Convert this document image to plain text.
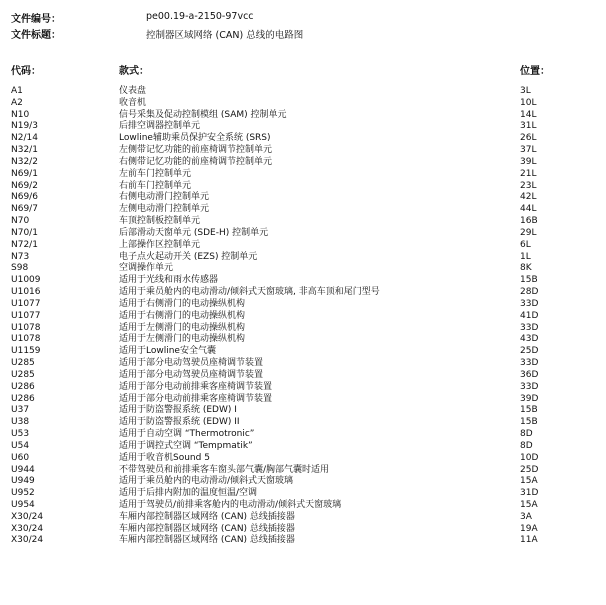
文件编号：	pe00.19-a-2150-97vcc
文件标题：	控制器区域网络 (CAN) 总线的电路图
代码：	款式：	位置：
A1	仪表盘	3L
A2	收音机	10L
N10	信号采集及促动控制模组 (SAM) 控制单元	14L
N19/3	后排空调器控制单元	31L
N2/14	Lowline辅助乘员保护安全系统 (SRS)	26L
N32/1	左侧带记忆功能的前座椅调节控制单元	37L
N32/2	右侧带记忆功能的前座椅调节控制单元	39L
N69/1	左前车门控制单元	21L
N69/2	右前车门控制单元	23L
N69/6	右侧电动滑门控制单元	42L
N69/7	左侧电动滑门控制单元	44L
N70	车顶控制板控制单元	16B
N70/1	后部滑动天窗单元 (SDE-H) 控制单元	29L
N72/1	上部操作区控制单元	6L
N73	电子点火起动开关 (EZS) 控制单元	1L
S98	空调操作单元	8K
U1009	适用于光线和雨水传感器	15B
U1016	适用于乘员舱内的电动滑动/倾斜式天窗玻璃, 非高车顶和尾门型号	28D
U1077	适用于右侧滑门的电动操纵机构	33D
U1077	适用于右侧滑门的电动操纵机构	41D
U1078	适用于左侧滑门的电动操纵机构	33D
U1078	适用于左侧滑门的电动操纵机构	43D
U1159	适用于Lowline安全气囊	25D
U285	适用于部分电动驾驶员座椅调节装置	33D
U285	适用于部分电动驾驶员座椅调节装置	36D
U286	适用于部分电动前排乘客座椅调节装置	33D
U286	适用于部分电动前排乘客座椅调节装置	39D
U37	适用于防盗警报系统 (EDW) I	15B
U38	适用于防盗警报系统 (EDW) II	15B
U53	适用于自动空调 “Thermotronic”	8D
U54	适用于调控式空调 “Tempmatik”	8D
U60	适用于收音机Sound 5	10D
U944	不带驾驶员和前排乘客车窗头部气囊/胸部气囊时适用	25D
U949	适用于乘员舱内的电动滑动/倾斜式天窗玻璃	15A
U952	适用于后排内附加的温度恒温/空调	31D
U954	适用于驾驶员/前排乘客舱内的电动滑动/倾斜式天窗玻璃	15A
X30/24	车厢内部控制器区域网络 (CAN) 总线插接器	3A
X30/24	车厢内部控制器区域网络 (CAN) 总线插接器	19A
X30/24	车厢内部控制器区域网络 (CAN) 总线插接器	11A
